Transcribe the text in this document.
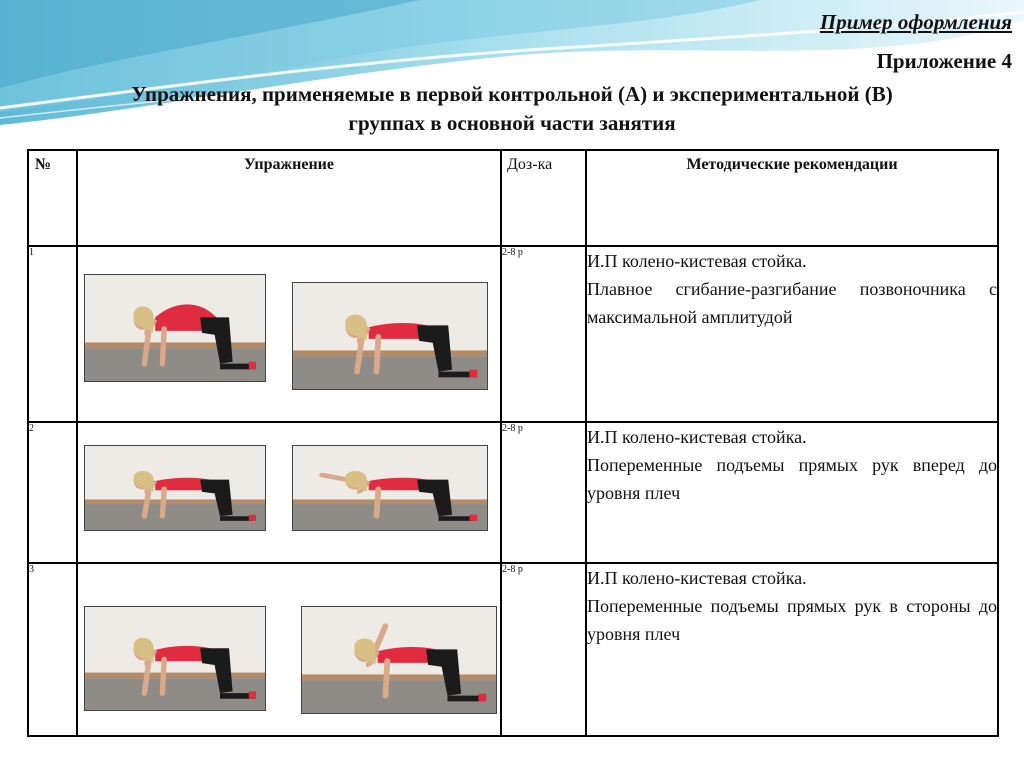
Пример оформления
Приложение 4
Упражнения, применяемые в первой контрольной (А) и экспериментальной (В)
группах в основной части занятия
№	Упражнение	Доз-ка	Методические рекомендации
1		2-8 р	И.П колено-кистевая стойка.
Плавное сгибание-разгибание позвоночника с максимальной амплитудой

2		2-8 р	И.П колено-кистевая стойка.
Попеременные подъемы прямых рук вперед до уровня плеч

3		2-8 р	И.П колено-кистевая стойка.
Попеременные подъемы прямых рук в стороны до уровня плеч
